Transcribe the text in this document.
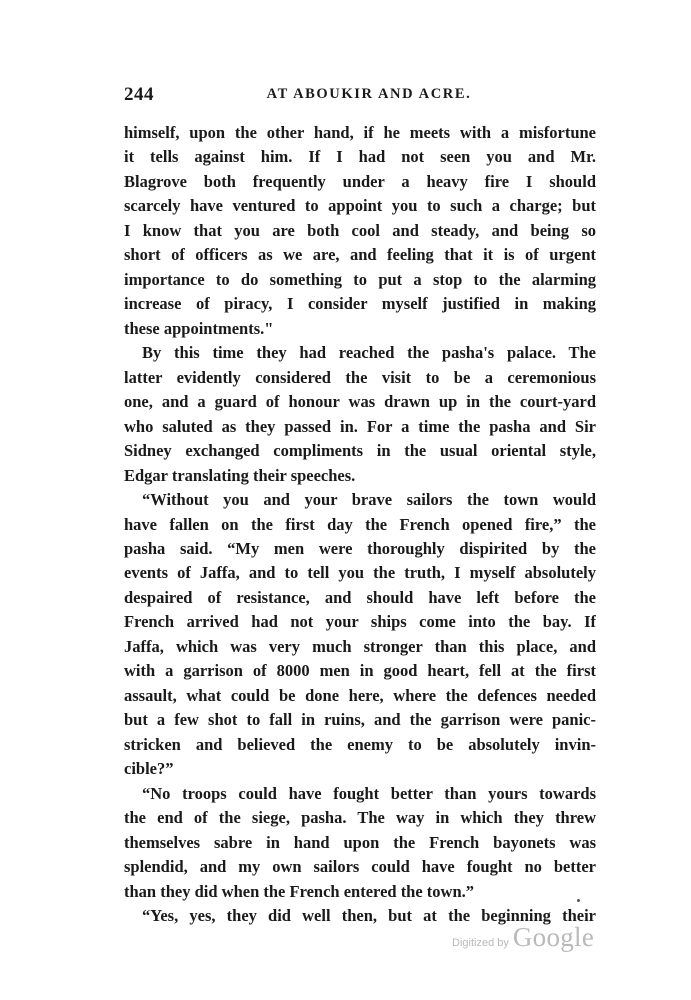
244	AT ABOUKIR AND ACRE.
himself, upon the other hand, if he meets with a misfortune
it tells against him. If I had not seen you and Mr.
Blagrove both frequently under a heavy fire I should
scarcely have ventured to appoint you to such a charge; but
I know that you are both cool and steady, and being so
short of officers as we are, and feeling that it is of urgent
importance to do something to put a stop to the alarming
increase of piracy, I consider myself justified in making
these appointments."
By this time they had reached the pasha's palace. The
latter evidently considered the visit to be a ceremonious
one, and a guard of honour was drawn up in the court-yard
who saluted as they passed in. For a time the pasha and Sir
Sidney exchanged compliments in the usual oriental style,
Edgar translating their speeches.
“Without you and your brave sailors the town would
have fallen on the first day the French opened fire,” the
pasha said. “My men were thoroughly dispirited by the
events of Jaffa, and to tell you the truth, I myself absolutely
despaired of resistance, and should have left before the
French arrived had not your ships come into the bay. If
Jaffa, which was very much stronger than this place, and
with a garrison of 8000 men in good heart, fell at the first
assault, what could be done here, where the defences needed
but a few shot to fall in ruins, and the garrison were panic-
stricken and believed the enemy to be absolutely invin-
cible?”
“No troops could have fought better than yours towards
the end of the siege, pasha. The way in which they threw
themselves sabre in hand upon the French bayonets was
splendid, and my own sailors could have fought no better
than they did when the French entered the town.”
“Yes, yes, they did well then, but at the beginning their
Digitized by Google
